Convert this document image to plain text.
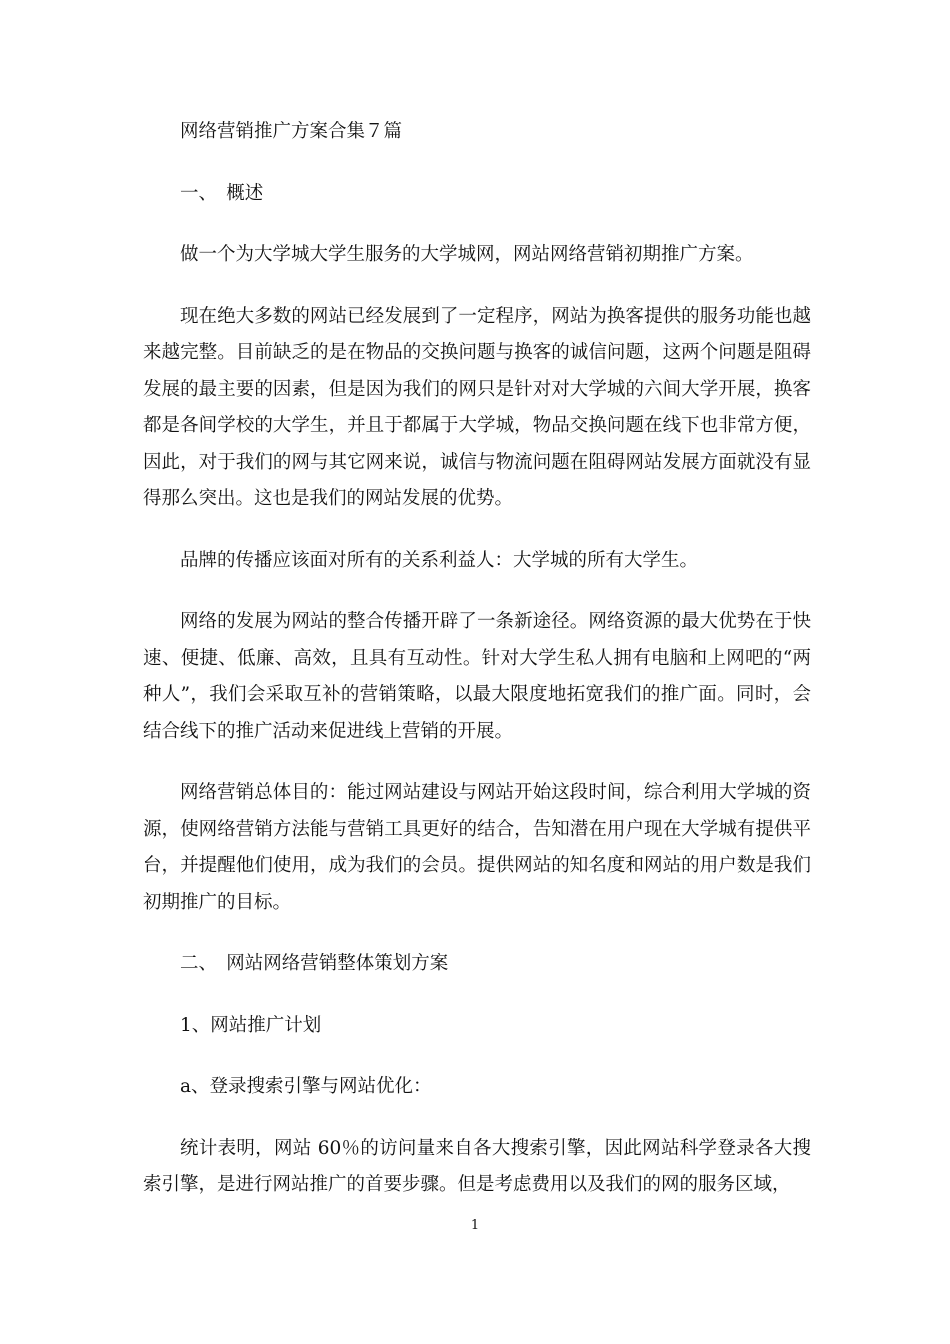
网络营销推广方案合集７篇

一、　概述

做一个为大学城大学生服务的大学城网，网站网络营销初期推广方案。

现在绝大多数的网站已经发展到了一定程序，网站为换客提供的服务功能也越来越完整。目前缺乏的是在物品的交换问题与换客的诚信问题，这两个问题是阻碍发展的最主要的因素，但是因为我们的网只是针对对大学城的六间大学开展，换客都是各间学校的大学生，并且于都属于大学城，物品交换问题在线下也非常方便，因此，对于我们的网与其它网来说，诚信与物流问题在阻碍网站发展方面就没有显得那么突出。这也是我们的网站发展的优势。

品牌的传播应该面对所有的关系利益人：大学城的所有大学生。

网络的发展为网站的整合传播开辟了一条新途径。网络资源的最大优势在于快速、便捷、低廉、高效，且具有互动性。针对大学生私人拥有电脑和上网吧的“两种人”，我们会采取互补的营销策略，以最大限度地拓宽我们的推广面。同时，会结合线下的推广活动来促进线上营销的开展。

网络营销总体目的：能过网站建设与网站开始这段时间，综合利用大学城的资源，使网络营销方法能与营销工具更好的结合，告知潜在用户现在大学城有提供平台，并提醒他们使用，成为我们的会员。提供网站的知名度和网站的用户数是我们初期推广的目标。

二、　网站网络营销整体策划方案

1、网站推广计划

a、登录搜索引擎与网站优化：

统计表明，网站 60％的访问量来自各大搜索引擎，因此网站科学登录各大搜索引擎，是进行网站推广的首要步骤。但是考虑费用以及我们的网的服务区域，

1
